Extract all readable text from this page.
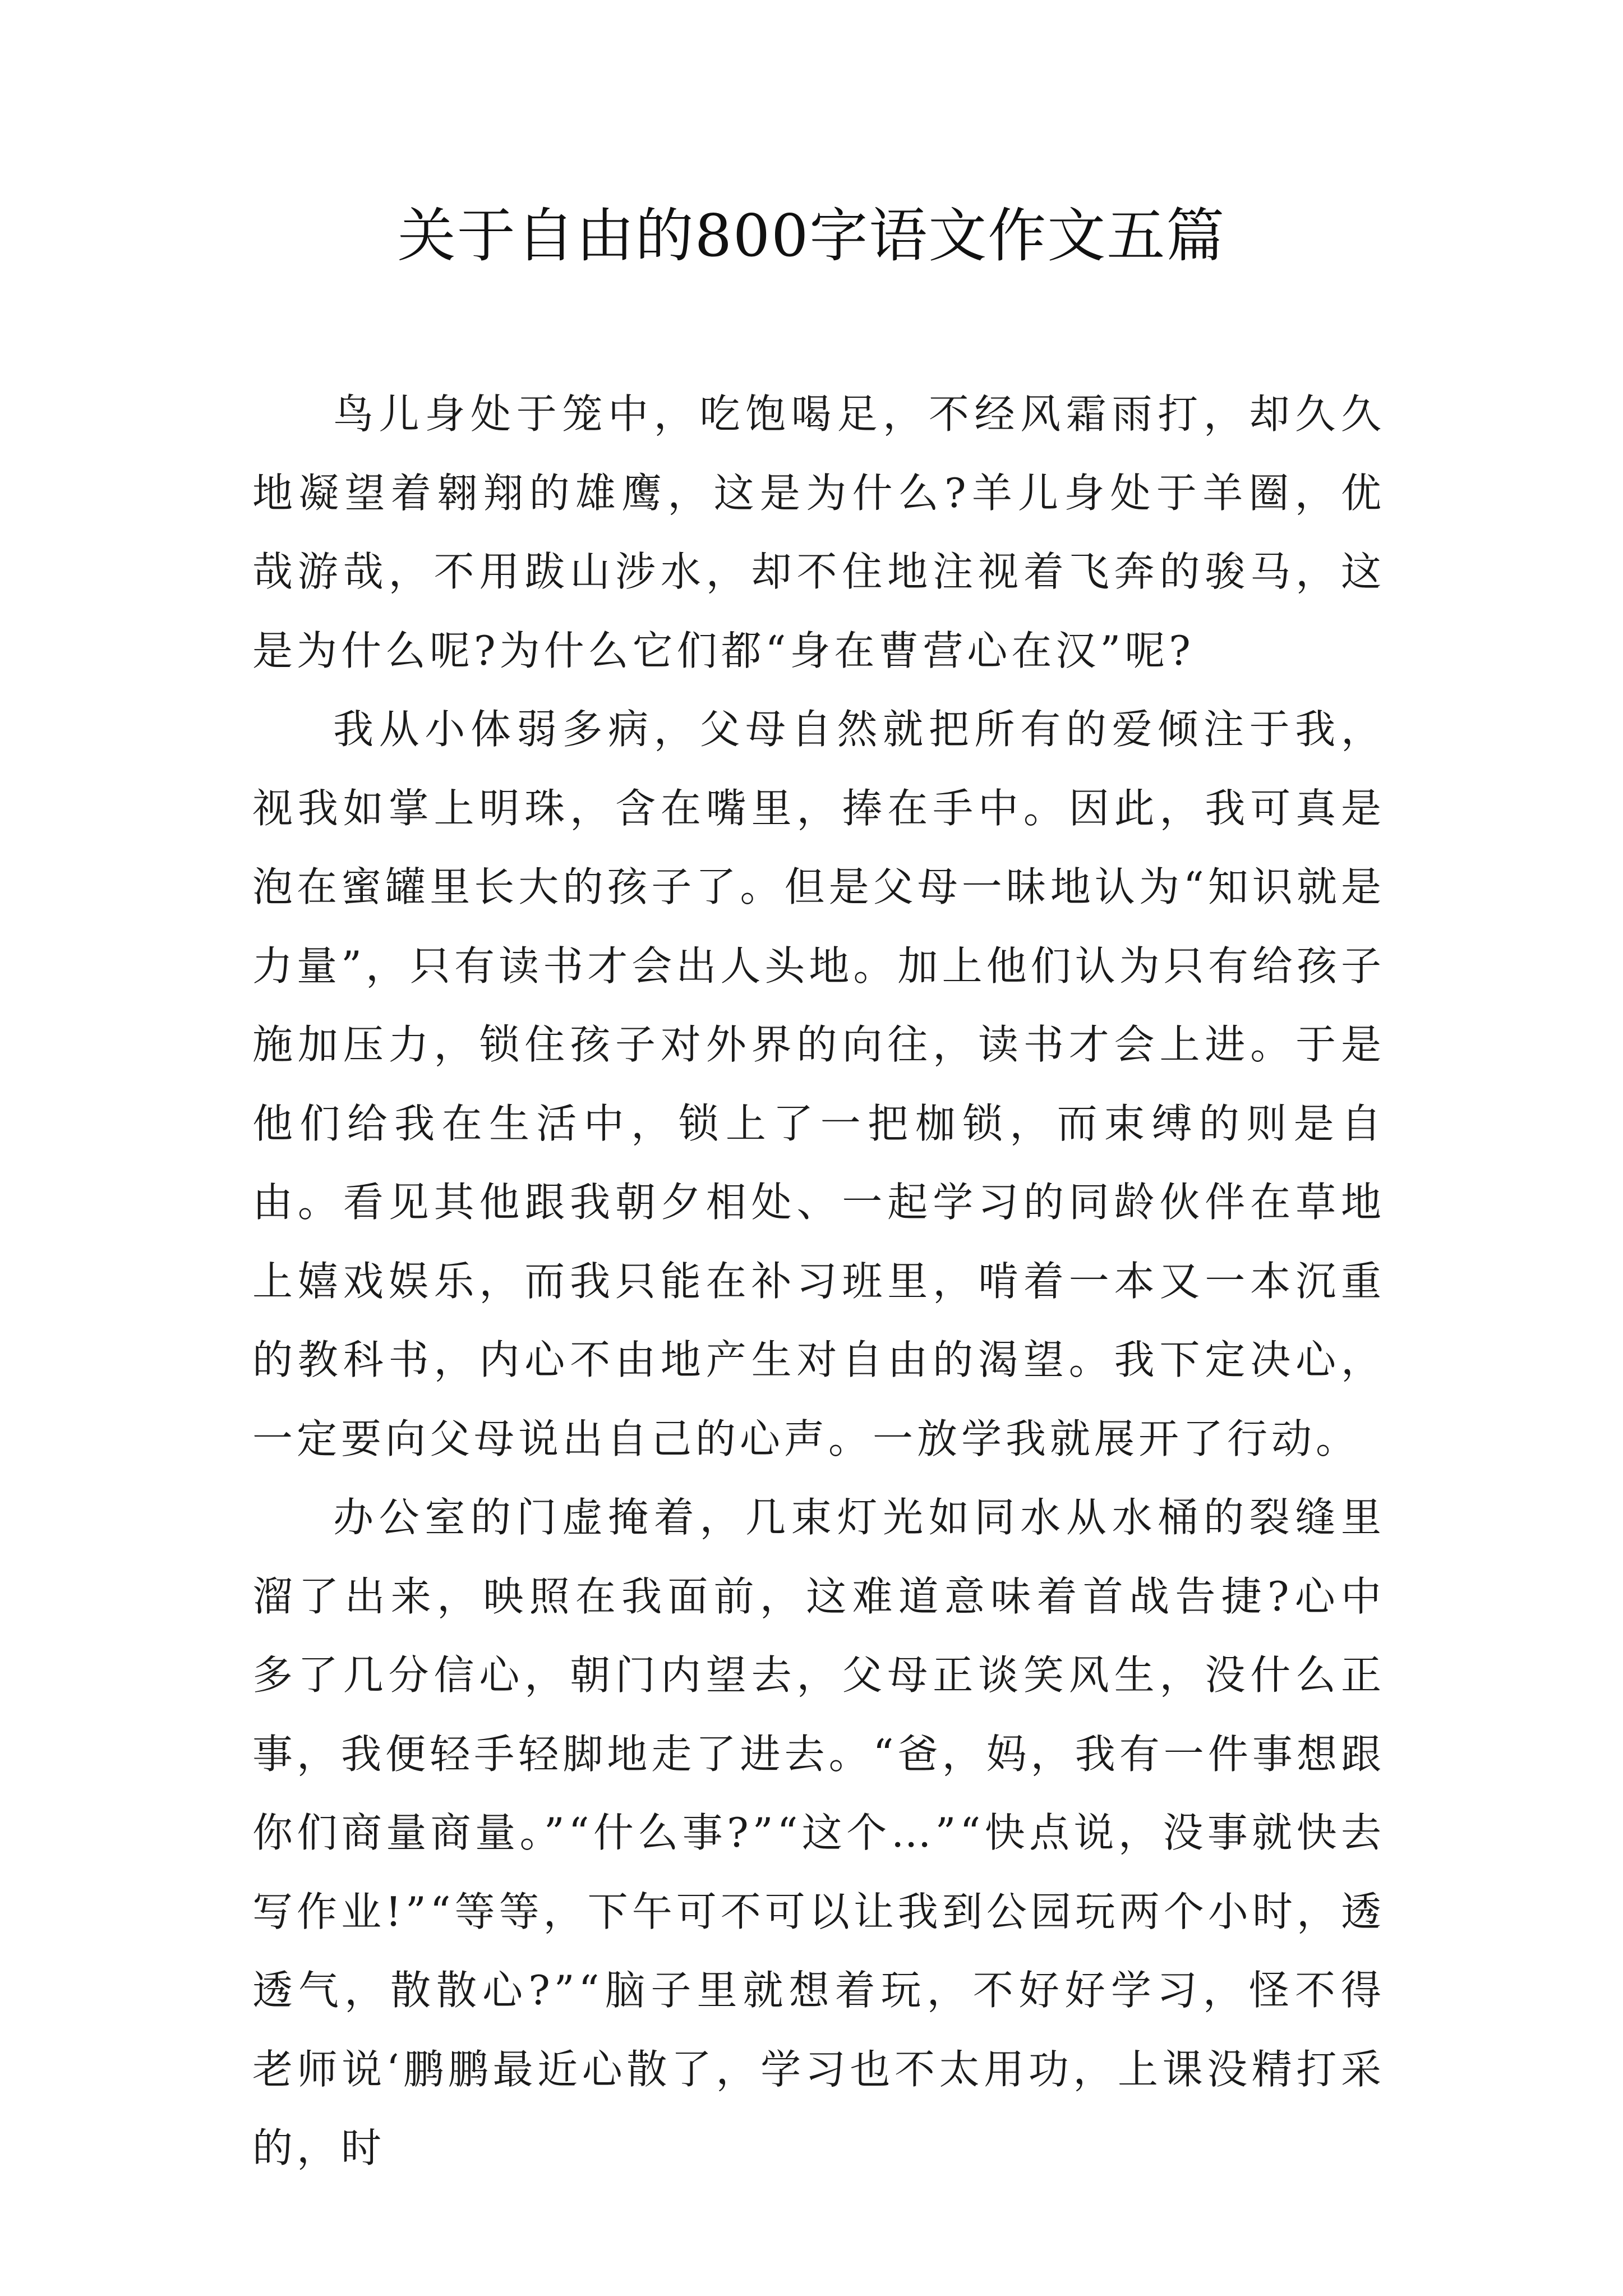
关于自由的800字语文作文五篇

鸟儿身处于笼中，吃饱喝足，不经风霜雨打，却久久地凝望着翱翔的雄鹰，这是为什么?羊儿身处于羊圈，优哉游哉，不用跋山涉水，却不住地注视着飞奔的骏马，这是为什么呢?为什么它们都“身在曹营心在汉”呢?

我从小体弱多病，父母自然就把所有的爱倾注于我，视我如掌上明珠，含在嘴里，捧在手中。因此，我可真是泡在蜜罐里长大的孩子了。但是父母一昧地认为“知识就是力量”，只有读书才会出人头地。加上他们认为只有给孩子施加压力，锁住孩子对外界的向往，读书才会上进。于是他们给我在生活中，锁上了一把枷锁，而束缚的则是自由。看见其他跟我朝夕相处、一起学习的同龄伙伴在草地上嬉戏娱乐，而我只能在补习班里，啃着一本又一本沉重的教科书，内心不由地产生对自由的渴望。我下定决心，一定要向父母说出自己的心声。一放学我就展开了行动。

办公室的门虚掩着，几束灯光如同水从水桶的裂缝里溜了出来，映照在我面前，这难道意味着首战告捷?心中多了几分信心，朝门内望去，父母正谈笑风生，没什么正事，我便轻手轻脚地走了进去。“爸，妈，我有一件事想跟你们商量商量。”“什么事?”“这个…”“快点说，没事就快去写作业!”“等等，下午可不可以让我到公园玩两个小时，透透气，散散心?”“脑子里就想着玩，不好好学习，怪不得老师说‘鹏鹏最近心散了，学习也不太用功，上课没精打采的，时
